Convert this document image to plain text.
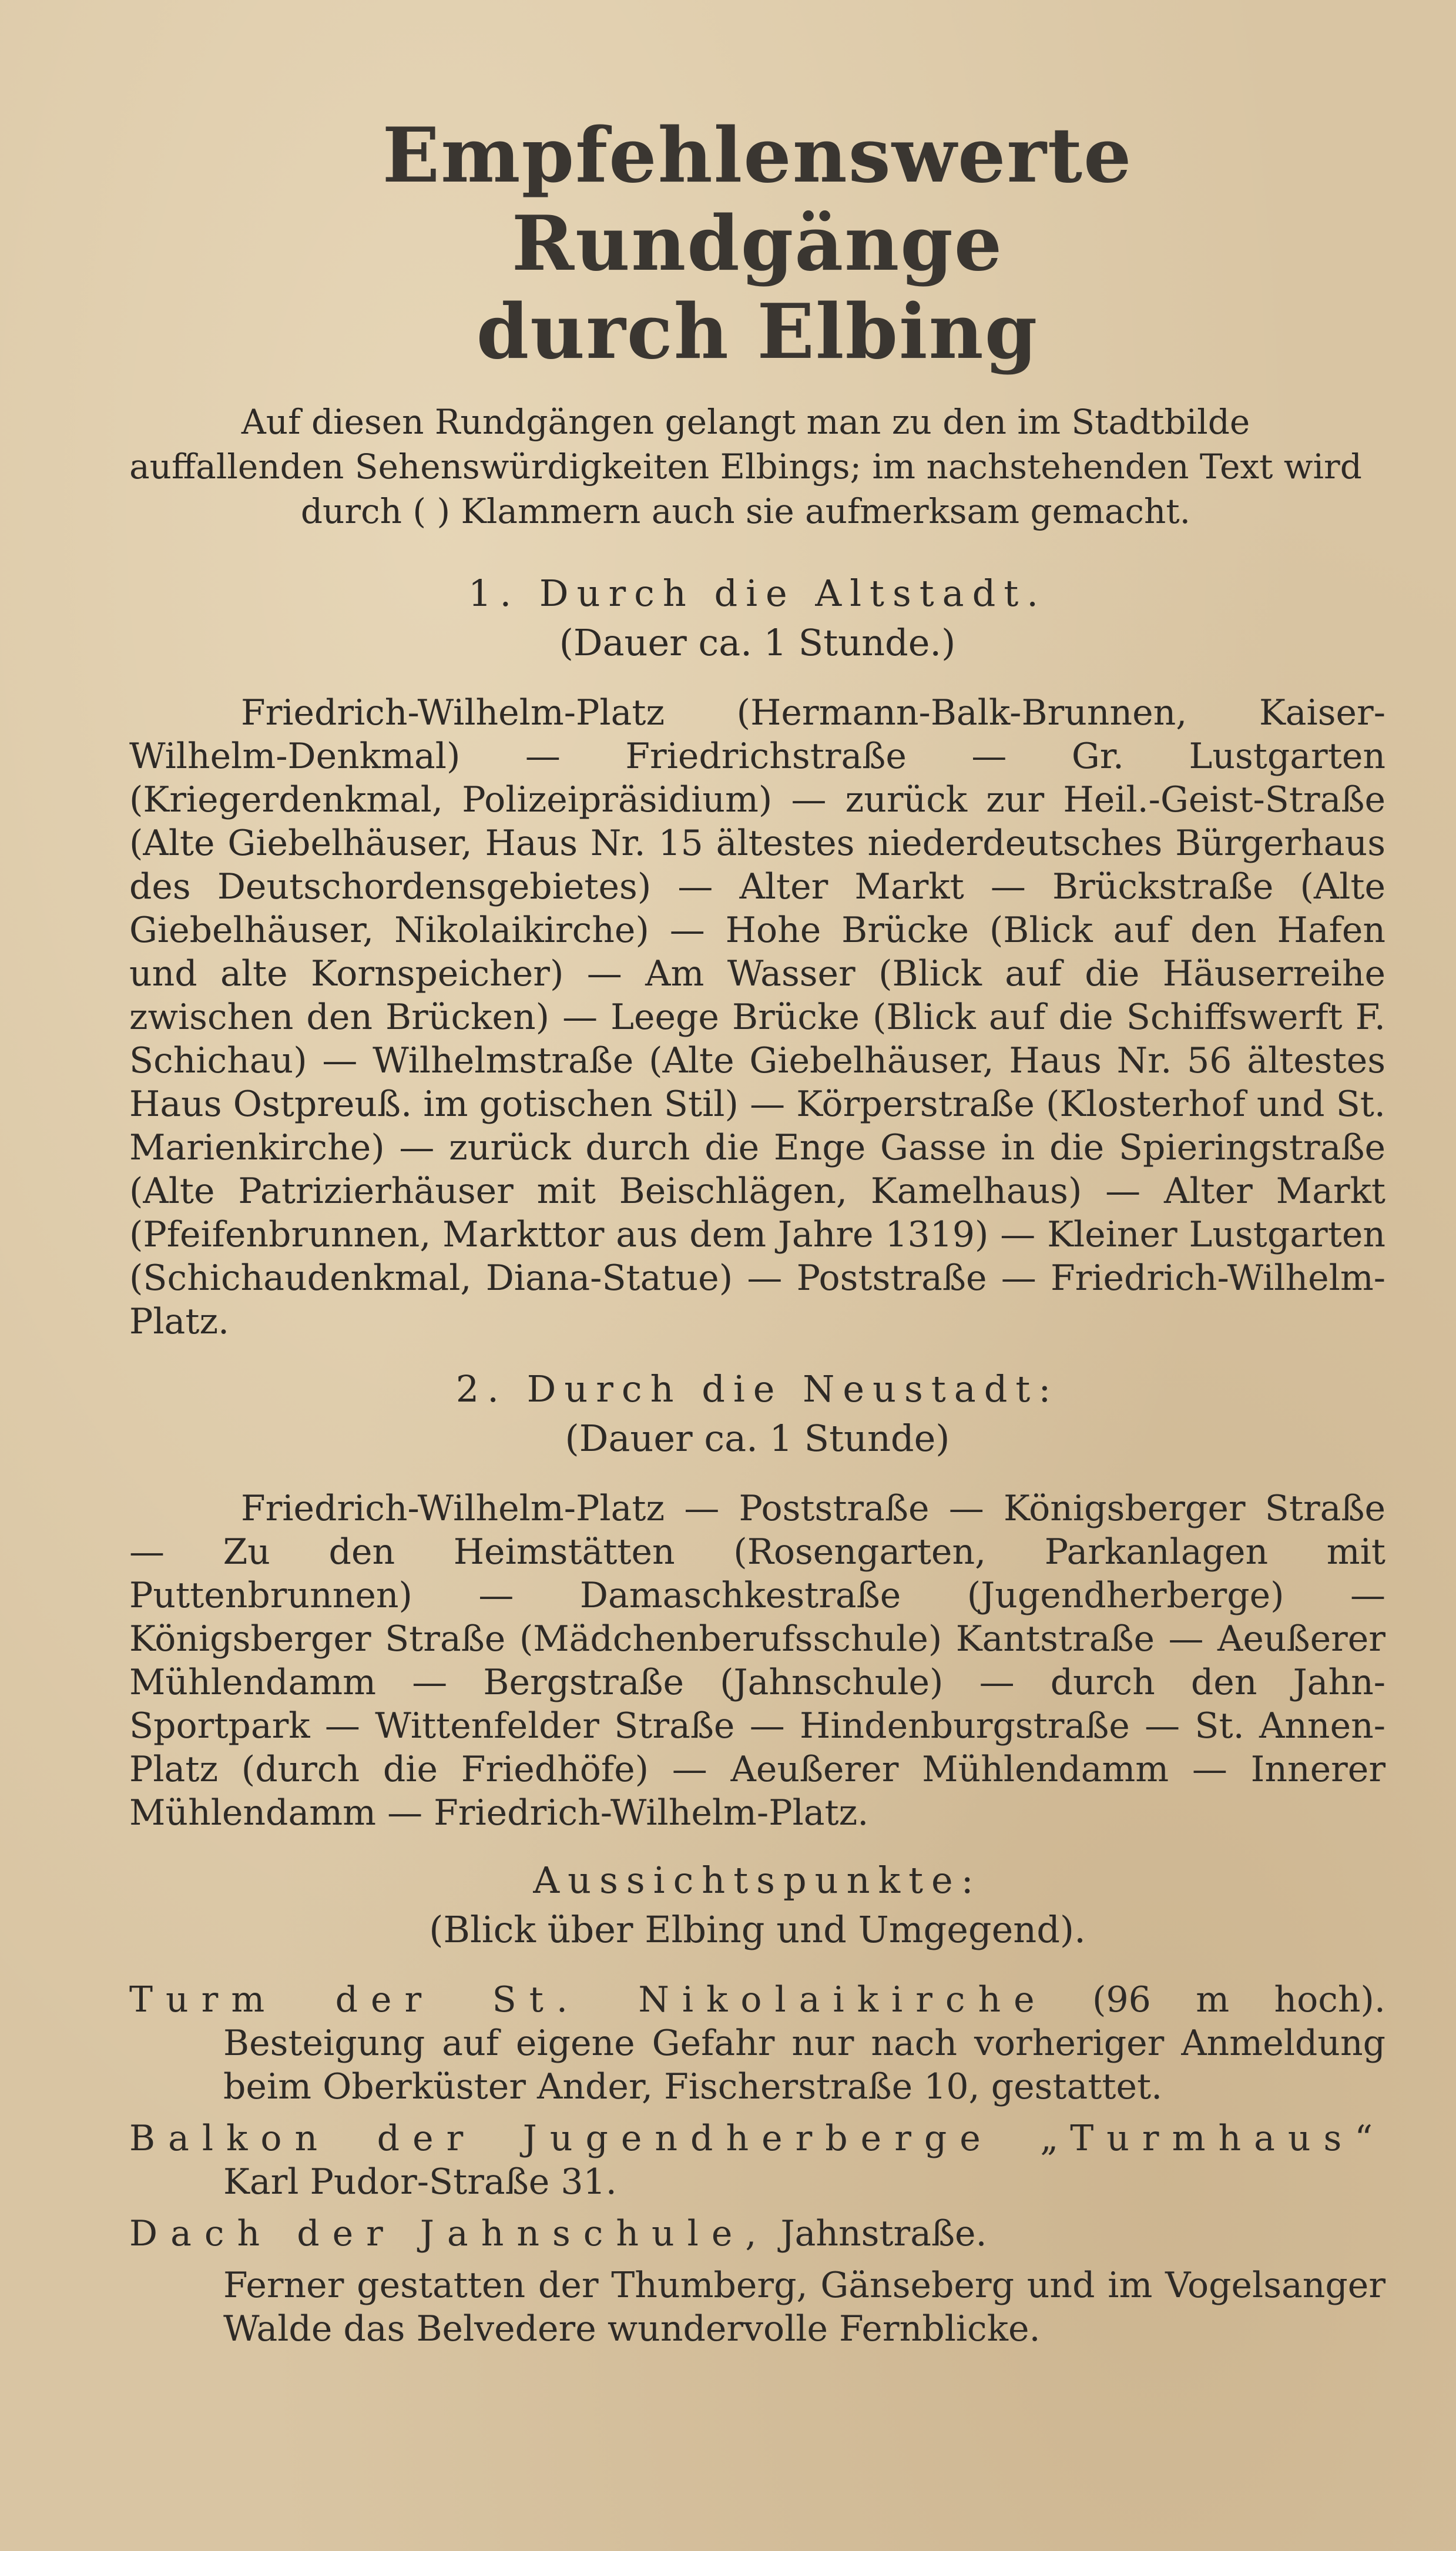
Empfehlenswerte Rundgänge
durch Elbing
Auf diesen Rundgängen gelangt man zu den im Stadtbilde auffallenden Sehenswürdigkeiten Elbings; im nachstehenden Text wird durch ( ) Klammern auch sie aufmerksam gemacht.
1. Durch die Altstadt.
(Dauer ca. 1 Stunde.)

Friedrich-Wilhelm-Platz (Hermann-Balk-Brunnen, Kaiser-Wilhelm-Denkmal) — Friedrichstraße — Gr. Lustgarten (Kriegerdenkmal, Polizeipräsidium) — zurück zur Heil.-Geist-Straße (Alte Giebelhäuser, Haus Nr. 15 ältestes niederdeutsches Bürgerhaus des Deutschordensgebietes) — Alter Markt — Brückstraße (Alte Giebelhäuser, Nikolaikirche) — Hohe Brücke (Blick auf den Hafen und alte Kornspeicher) — Am Wasser (Blick auf die Häuserreihe zwischen den Brücken) — Leege Brücke (Blick auf die Schiffswerft F. Schichau) — Wilhelmstraße (Alte Giebelhäuser, Haus Nr. 56 ältestes Haus Ostpreuß. im gotischen Stil) — Körperstraße (Klosterhof und St. Marienkirche) — zurück durch die Enge Gasse in die Spieringstraße (Alte Patrizierhäuser mit Beischlägen, Kamelhaus) — Alter Markt (Pfeifenbrunnen, Markttor aus dem Jahre 1319) — Kleiner Lustgarten (Schichaudenkmal, Diana-Statue) — Poststraße — Friedrich-Wilhelm-Platz.

2. Durch die Neustadt:
(Dauer ca. 1 Stunde)

Friedrich-Wilhelm-Platz — Poststraße — Königsberger Straße — Zu den Heimstätten (Rosengarten, Parkanlagen mit Puttenbrunnen) — Damaschkestraße (Jugendherberge) — Königsberger Straße (Mädchenberufsschule) Kantstraße — Aeußerer Mühlendamm — Bergstraße (Jahnschule) — durch den Jahn-Sportpark — Wittenfelder Straße — Hindenburgstraße — St. Annen-Platz (durch die Friedhöfe) — Aeußerer Mühlendamm — Innerer Mühlendamm — Friedrich-Wilhelm-Platz.

Aussichtspunkte:
(Blick über Elbing und Umgegend).
Turm der St. Nikolaikirche (96 m hoch). Besteigung auf eigene Gefahr nur nach vorheriger Anmeldung beim Oberküster Ander, Fischerstraße 10, gestattet.
Balkon der Jugendherberge „Turmhaus“ Karl Pudor-Straße 31.
Dach der Jahnschule, Jahnstraße.
Ferner gestatten der Thumberg, Gänseberg und im Vogelsanger Walde das Belvedere wundervolle Fernblicke.
